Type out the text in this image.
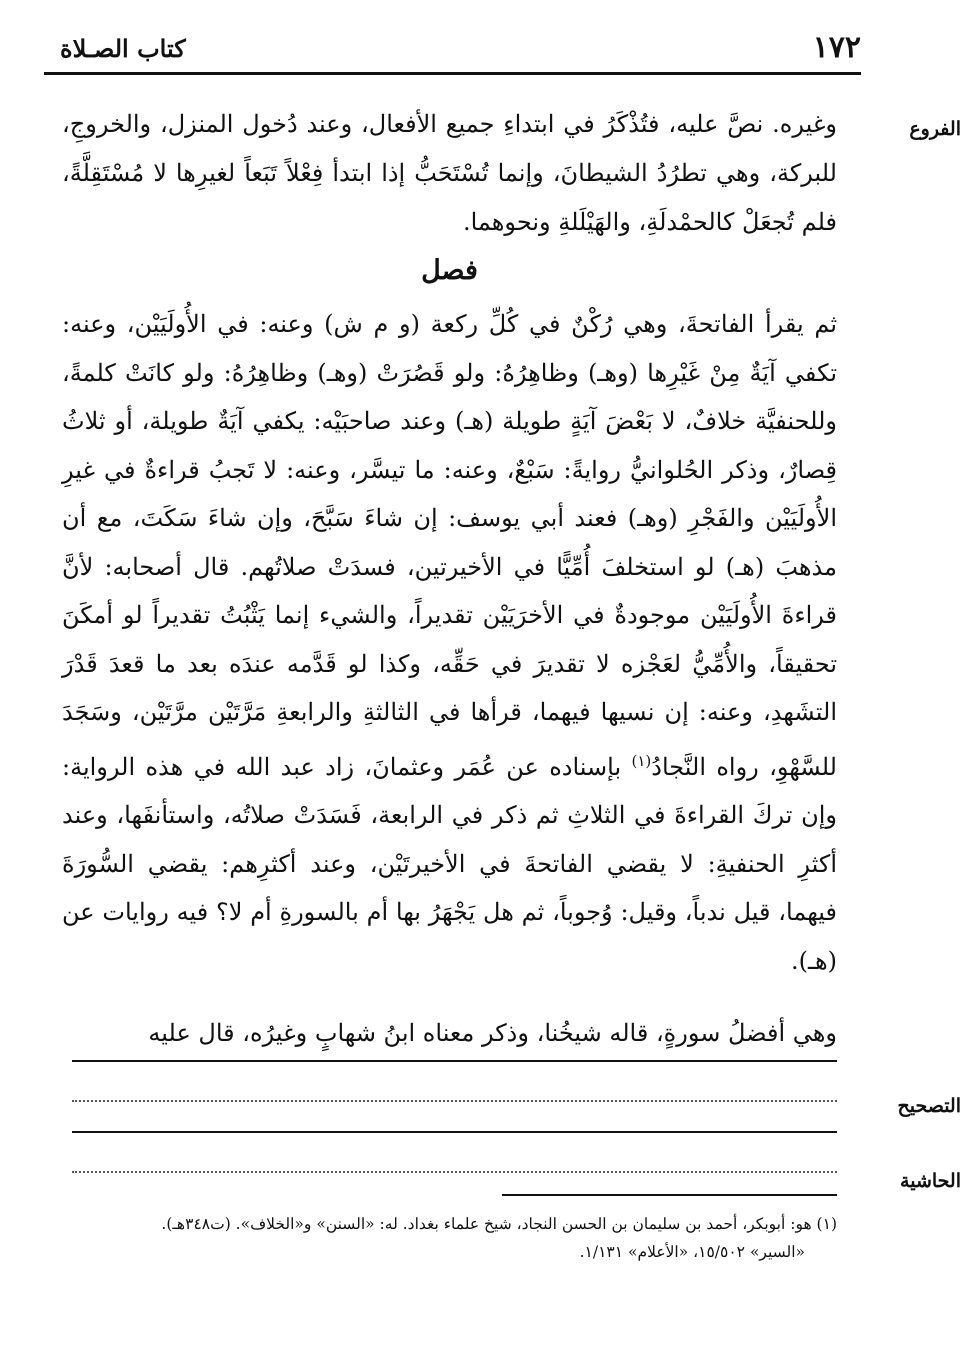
١٧٢
كتاب الصـلاة
الفروع
وغيره. نصَّ عليه، فتُذْكَرُ في ابتداءِ جميع الأفعال، وعند دُخول المنزل، والخروجِ، للبركة، وهي تطرُدُ الشيطانَ، وإنما تُسْتَحَبُّ إذا ابتدأ فِعْلاً تَبَعاً لغيرِها لا مُسْتَقِلَّةً، فلم تُجعَلْ كالحمْدلَةِ، والهَيْلَلةِ ونحوهما.
فصل
ثم يقرأ الفاتحةَ، وهي رُكْنٌ في كُلِّ ركعة (و م ش) وعنه: في الأُولَيَيْن، وعنه: تكفي آيَةٌ مِنْ غَيْرِها (وهـ) وظاهِرُهُ: ولو قَصُرَتْ (وهـ) وظاهِرُهُ: ولو كانَتْ كلمةً، وللحنفيَّة خلافٌ، لا بَعْضَ آيَةٍ طويلة (هـ) وعند صاحبَيْه: يكفي آيَةٌ طويلة، أو ثلاثُ قِصارٌ، وذكر الحُلوانيُّ روايةً: سَبْعٌ، وعنه: ما تيسَّر، وعنه: لا تَجبُ قراءةٌ في غيرِ الأُولَيَيْن والفَجْرِ (وهـ) فعند أبي يوسف: إن شاءَ سَبَّحَ، وإن شاءَ سَكَتَ، مع أن مذهبَ (هـ) لو استخلفَ أُمِّيًّا في الأخيرتين، فسدَتْ صلاتُهم. قال أصحابه: لأنَّ قراءةَ الأُولَيَيْن موجودةٌ في الأخرَيَيْن تقديراً، والشيء إنما يَثْبُتُ تقديراً لو أمكَنَ تحقيقاً، والأُمِّيُّ لعَجْزه لا تقديرَ في حَقِّه، وكذا لو قَدَّمه عندَه بعد ما قعدَ قَدْرَ التشَهدِ، وعنه: إن نسيها فيهما، قرأها في الثالثةِ والرابعةِ مَرَّتَيْن مرَّتَيْن، وسَجَدَ للسَّهْوِ، رواه النَّجادُ$^{(١)}$ بإسناده عن عُمَر وعثمانَ، زاد عبد الله في هذه الرواية: وإن تركَ القراءةَ في الثلاثِ ثم ذكر في الرابعة، فَسَدَتْ صلاتُه، واستأنفَها، وعند أكثرِ الحنفيةِ: لا يقضي الفاتحةَ في الأخيرتَيْن، وعند أكثرِهم: يقضي السُّورَةَ فيهما، قيل ندباً، وقيل: وُجوباً، ثم هل يَجْهَرُ بها أم بالسورةِ أم لا؟ فيه روايات عن (هـ).
وهي أفضلُ سورةٍ، قاله شيخُنا، وذكر معناه ابنُ شهابٍ وغيرُه، قال عليه
التصحيح
الحاشية
(١) هو: أبوبكر، أحمد بن سليمان بن الحسن النجاد، شيخ علماء بغداد. له: «السنن» و«الخلاف». (ت٣٤٨هـ).
«السير» ١٥/٥٠٢، «الأعلام» ١/١٣١.
